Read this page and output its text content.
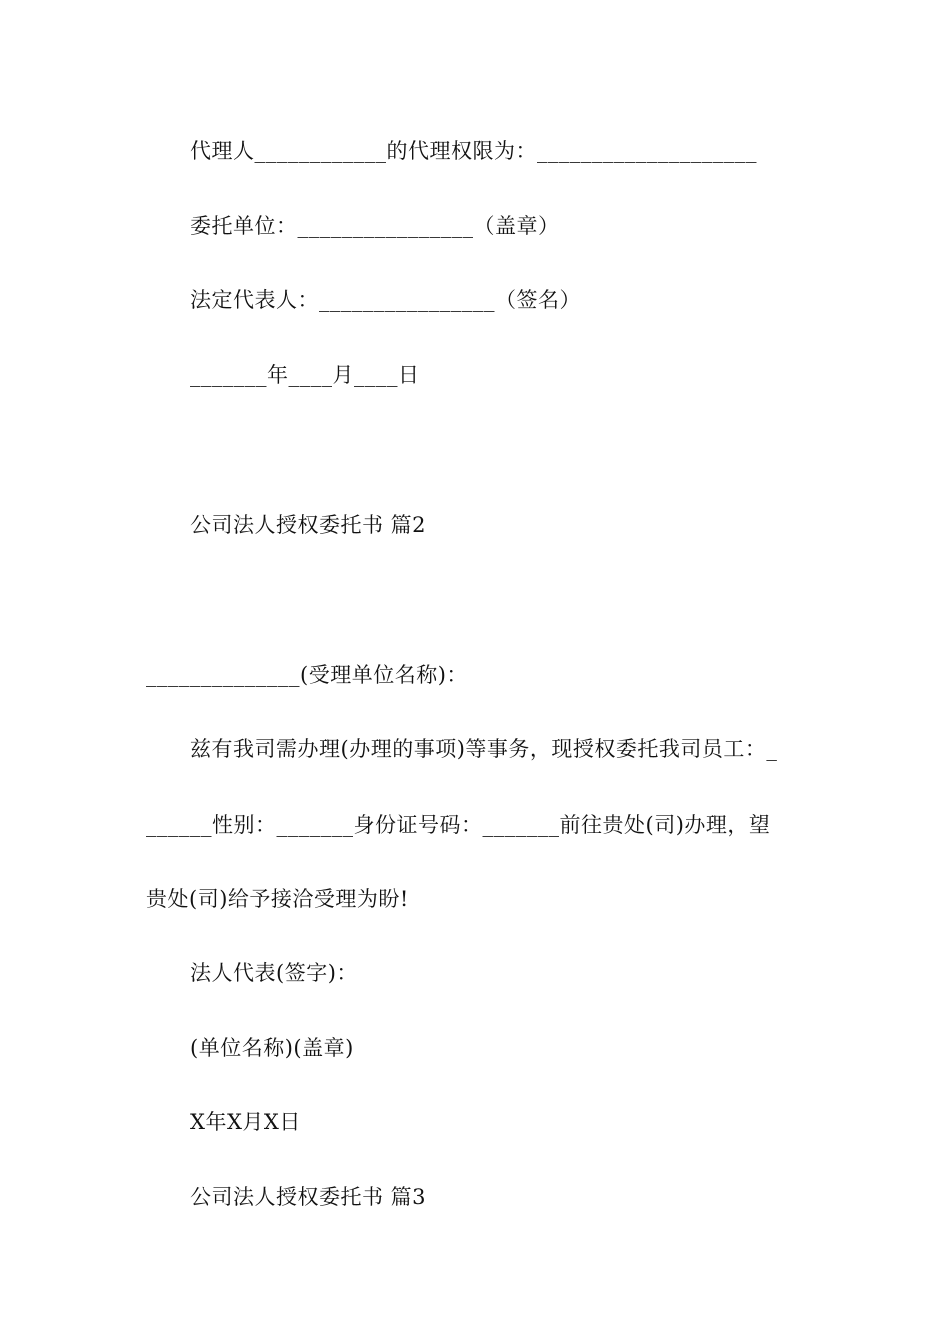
代理人____________的代理权限为：____________________
委托单位：________________（盖章）
法定代表人：________________（签名）
_______年____月____日
公司法人授权委托书 篇2
______________(受理单位名称)：
兹有我司需办理(办理的事项)等事务，现授权委托我司员工：_
______性别：_______身份证号码：_______前往贵处(司)办理，望
贵处(司)给予接洽受理为盼!
法人代表(签字)：
(单位名称)(盖章)
X年X月X日
公司法人授权委托书 篇3
